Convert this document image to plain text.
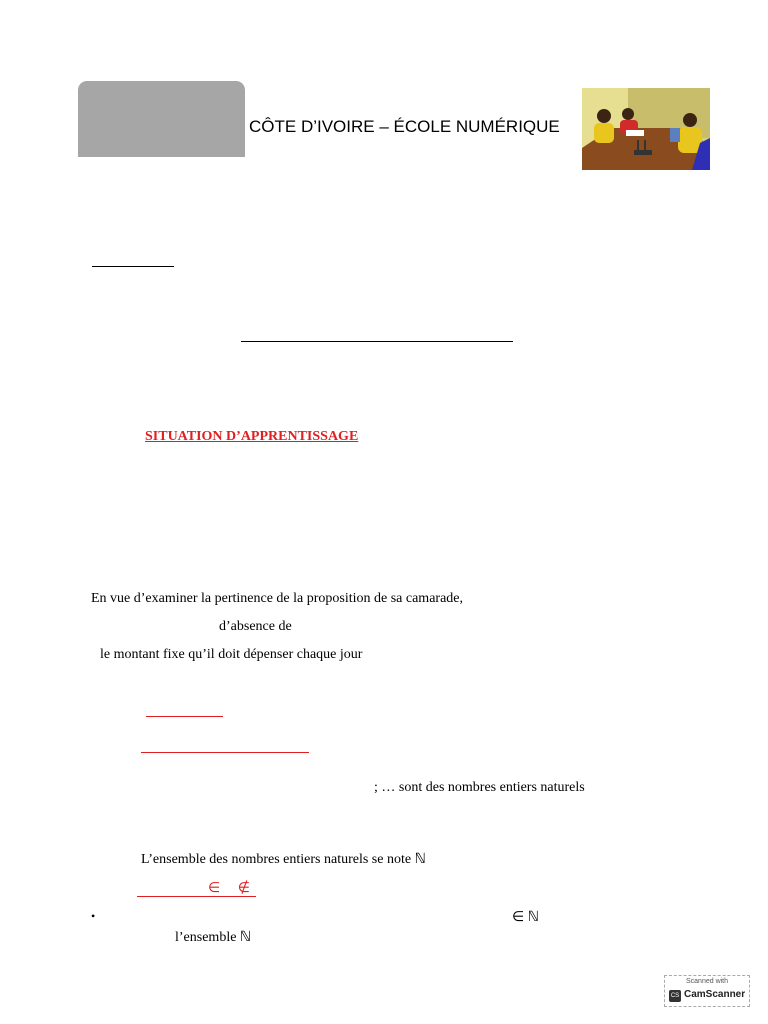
CÔTE D’IVOIRE – ÉCOLE NUMÉRIQUE
SITUATION D’APPRENTISSAGE
En vue d’examiner la pertinence de la proposition de sa camarade,
d’absence de
le montant fixe qu’il doit dépenser chaque jour
; … sont des nombres entiers naturels
L’ensemble des nombres entiers naturels se note ℕ
∈ ∉
•	∈ ℕ
l’ensemble ℕ
Scanned with
CS CamScanner
